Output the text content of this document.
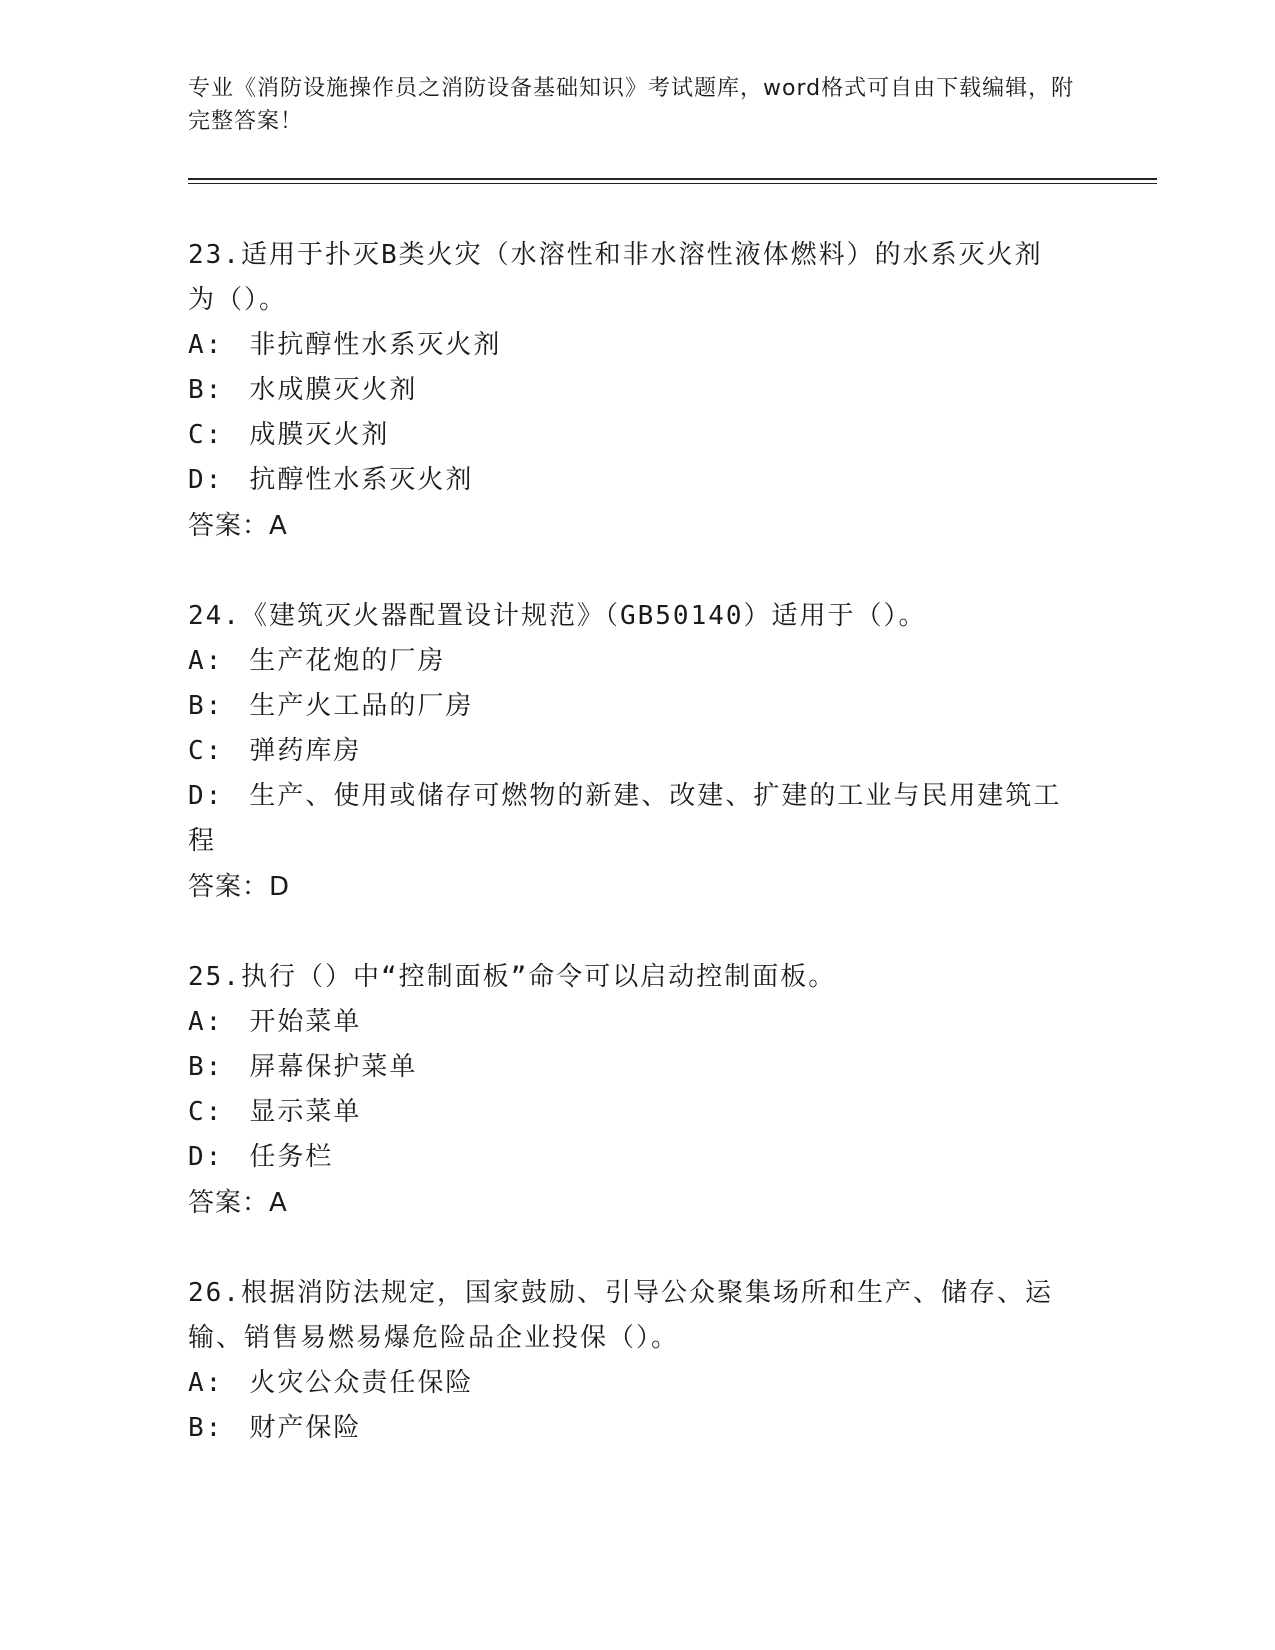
专业《消防设施操作员之消防设备基础知识》考试题库，word格式可自由下载编辑，附完整答案！

23.适用于扑灭B类火灾（水溶性和非水溶性液体燃料）的水系灭火剂为（）。

A: 非抗醇性水系灭火剂

B: 水成膜灭火剂

C: 成膜灭火剂

D: 抗醇性水系灭火剂

答案：A

24.《建筑灭火器配置设计规范》（GB50140）适用于（）。

A: 生产花炮的厂房

B: 生产火工品的厂房

C: 弹药库房

D: 生产、使用或储存可燃物的新建、改建、扩建的工业与民用建筑工程

答案：D

25.执行（）中“控制面板”命令可以启动控制面板。

A: 开始菜单

B: 屏幕保护菜单

C: 显示菜单

D: 任务栏

答案：A

26.根据消防法规定，国家鼓励、引导公众聚集场所和生产、储存、运输、销售易燃易爆危险品企业投保（）。

A: 火灾公众责任保险

B: 财产保险
